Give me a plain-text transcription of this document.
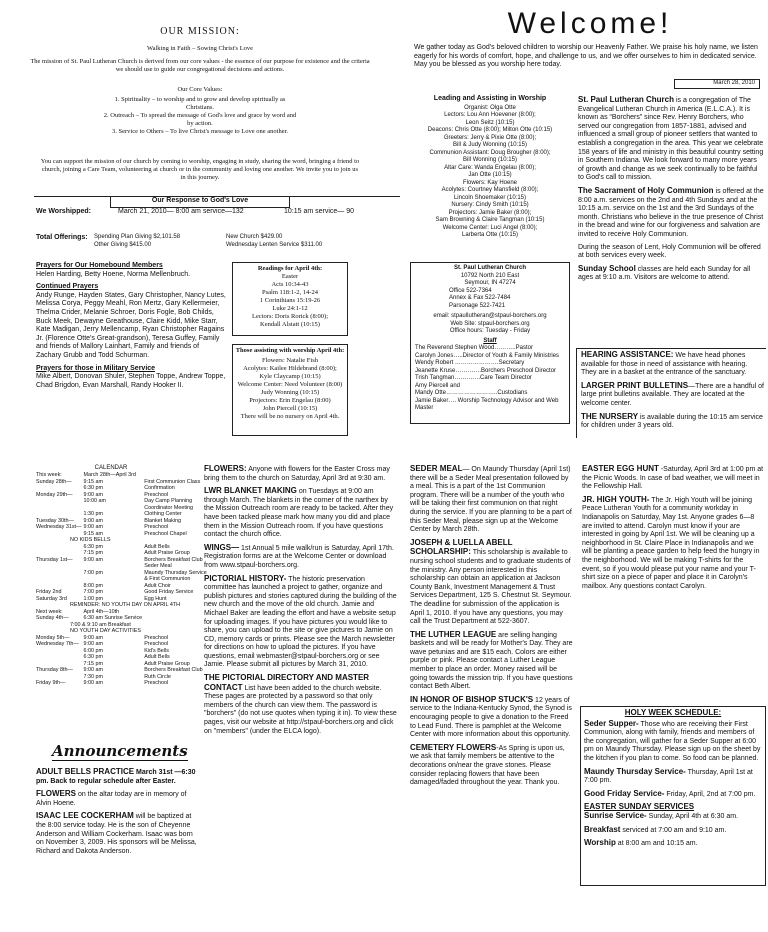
OUR MISSION:
Walking in Faith – Sowing Christ's Love
The mission of St. Paul Lutheran Church is derived from our core values - the essence of our purpose for existence and the criteria we should use to guide our congregational decisions and actions.
Our Core Values:
1. Spirituality – to worship and to grow and develop spiritually as Christians.
2. Outreach – To spread the message of God's love and grace by word and by action.
3. Service to Others – To live Christ's message to Love one another.
You can support the mission of our church by coming to worship, engaging in study, sharing the word, bringing a friend to church, joining a Care Team, volunteering at church or in the community and loving one another. We invite you to join us in this journey.
Our Response to God's Love
We Worshipped:	March 21, 2010— 8:00 am service—132	10:15 am service— 90
Total Offerings: Spending Plan Giving $2,101.58
Other Giving $415.00
New Church $429.00
Wednesday Lenten Service $311.00
Prayers for Our Homebound Members
Helen Harding, Betty Hoene, Norma Mellenbruch.
Continued Prayers
Andy Runge, Hayden States, Gary Christopher, Nancy Lutes, Melissa Corya, Peggy Meahl, Ron Mertz, Gary Kellermeier, Thelma Crider, Melanie Schroer, Doris Fogle, Bob Childs, Buck Meek, Dewayne Greathouse, Claire Kidd, Mike Starr, Kate Madigan, Jerry Mellencamp, Ryan Christopher Ragains Jr. (Florence Otte's Great-grandson), Teresa Guffey, Family and friends of Mallory Lainhart, Family and friends of Zachary Grubb and Todd Schurman.
Prayers for those in Military Service
Mike Albert, Donovan Shuler, Stephen Toppe, Andrew Toppe, Chad Brigdon, Evan Marshall, Randy Hooker II.
Readings for April 4th:
Easter
Acts 10:34-43
Psalm 118:1-2, 14-24
1 Corinthians 15:19-26
Luke 24:1-12
Lectors: Doris Rorick (8:00);
Kendall Alstatt (10:15)
Those assisting with worship April 4th:
Flowers: Natalie Fish
Acolytes: Kailee Hildebrand (8:00);
Kyle Claycamp (10:15)
Welcome Center: Need Volunteer (8:00)
Judy Wonning (10:15)
Projectors: Erin Engelau (8:00)
John Piercell (10:15)
There will be no nursery on April 4th.
Welcome!
We gather today as God's beloved children to worship our Heavenly Father. We praise his holy name, we listen eagerly for his words of comfort, hope, and challenge to us, and we offer ourselves to him in dedicated service. May you be blessed as you worship here today.
March 28, 2010
Leading and Assisting in Worship
Organist: Olga Otte
Lectors: Lou Ann Hoevener (8:00);
Leon Seitz (10:15)
Deacons: Chris Otte (8:00); Milton Otte (10:15)
Greeters: Jerry & Pixie Otte (8:00);
Bill & Judy Wonning (10:15)
Communion Assistant: Doug Brougher (8:00);
Bill Wonning (10:15)
Altar Care: Wanda Engelau (8:00);
Jan Otte (10:15)
Flowers: Kay Hoene
Acolytes: Courtney Mansfield (8:00);
Lincoln Shoemaker (10:15)
Nursery: Cindy Smith (10:15)
Projectors: Jamie Baker (8:00);
Sam Browning & Claire Tangman (10:15)
Welcome Center: Luci Angel (8:00);
Larberta Otte (10:15)
St. Paul Lutheran Church
10792 North 210 East
Seymour, IN 47274
Office 522-7364
Annex & Fax 522-7484
Parsonage 522-7421
email: stpaullutheran@stpaul-borchers.org
Web Site: stpaul-borchers.org
Office hours: Tuesday - Friday
Staff
The Reverend Stephen Wood………..Pastor
Carolyn Jones…..Director of Youth & Family Ministries
Wendy Robert ………………….Secretary
Jeanette Kruse………….Borchers Preschool Director
Trish Tangman………….Care Team Director
Amy Piercell and
Mandy Otte……………………..Custodians
Jamie Baker…. Worship Technology Advisor and Web Master
St. Paul Lutheran Church is a congregation of The Evangelical Lutheran Church in America (E.L.C.A.). It is known as “Borchers” since Rev. Henry Borchers, who served our congregation from 1857-1881, advised and influenced a small group of pioneer settlers that wanted to establish a congregation in the area. This year we celebrate 158 years of life and ministry in this beautiful country setting in Southern Indiana. We look forward to many more years of growth and change as we seek continually to be faithful to God's call to mission.
The Sacrament of Holy Communion is offered at the 8:00 a.m. services on the 2nd and 4th Sundays and at the 10:15 a.m. service on the 1st and the 3rd Sundays of the month. Christians who believe in the true presence of Christ in the bread and wine for our forgiveness and salvation are invited to receive Holy Communion.
During the season of Lent, Holy Communion will be offered at both services every week.
Sunday School classes are held each Sunday for all ages at 9:10 a.m. Visitors are welcome to attend.
HEARING ASSISTANCE: We have head phones available for those in need of assistance with hearing. They are in a basket at the entrance of the sanctuary.
LARGER PRINT BULLETINS—There are a handful of large print bulletins available. They are located at the welcome center.
THE NURSERY is available during the 10:15 am service for children under 3 years old.
CALENDAR
This week:	March 28th—April 3rd	
Sunday 28th—	9:15 am	First Communion Class
	6:30 pm	Confirmation
Monday 29th—	9:00 am	Preschool
	10:00 am	Day Camp Planning
		Coordinator Meeting
	1:30 pm	Clothing Center
Tuesday 30th—	9:00 am	Blanket Making
Wednesday 31st—	9:00 am	Preschool
	9:15 am	Preschool Chapel
NO KIDS BELLS		
	6:30 pm	Adult Bells
	7:15 pm	Adult Praise Group
Thursday 1st—	9:00 am	Borchers Breakfast Club
		Seder Meal
	7:00 pm	Maundy Thursday Service
		& First Communion
	8:00 pm	Adult Choir
Friday 2nd	7:00 pm	Good Friday Service
Saturday 3rd	1:00 pm	Egg Hunt
REMINDER: NO YOUTH DAY ON APRIL 4TH		
Next week:	April 4th—10th	
Sunday 4th—	6:30 am Sunrise Service	
7:00 & 9:10 am Breakfast		
NO YOUTH DAY ACTIVITIES		
Monday 5th—	9:00 am	Preschool
Wednesday 7th—	9:00 am	Preschool
	6:00 pm	Kid's Bells
	6:30 pm	Adult Bells
	7:15 pm	Adult Praise Group
Thursday 8th—	9:00 am	Borchers Breakfast Club
	7:30 pm	Ruth Circle
Friday 9th—	9:00 am	Preschool
Announcements
ADULT BELLS PRACTICE March 31st —6:30 pm. Back to regular schedule after Easter.
FLOWERS on the altar today are in memory of Alvin Hoene.
ISAAC LEE COCKERHAM will be baptized at the 8:00 service today. He is the son of Cheyenne Anderson and William Cockerham. Isaac was born on November 3, 2009. His sponsors will be Melissa, Richard and Dakota Anderson.
FLOWERS: Anyone with flowers for the Easter Cross may bring them to the church on Saturday, April 3rd at 9:30 am.
LWR BLANKET MAKING on Tuesdays at 9:00 am through March. The blankets in the corner of the narthex by the Mission Outreach room are ready to be tacked. After they have been tacked please mark how many you did and place them in the Mission Outreach room. If you have questions contact the church office.
WINGS— 1st Annual 5 mile walk/run is Saturday, April 17th. Registration forms are at the Welcome Center or download from www.stpaul-borchers.org.
PICTORIAL HISTORY- The historic preservation committee has launched a project to gather, organize and publish pictures and stories captured during the building of the new church and the move of the old church. Jamie and Michael Baker are leading the effort and have a website setup for uploading images. If you have pictures you would like to share, you can upload to the site or give pictures to Jamie on CD, memory cards or prints. Please see the March newsletter for directions on how to upload the pictures. If you have questions, email webmaster@stpaul-borchers.org or see Jamie. Please submit all pictures by March 31, 2010.
THE PICTORIAL DIRECTORY AND MASTER CONTACT List have been added to the church website. These pages are protected by a password so that only members of the church can view them. The password is "borchers" (do not use quotes when typing it in). To view these pages, visit our website at http://stpaul-borchers.org and click on "members" (under the ELCA logo).
SEDER MEAL— On Maundy Thursday (April 1st) there will be a Seder Meal presentation followed by a meal. This is a part of the 1st Communion program. There will be a number of the youth who will be taking their first communion on that night during the service. If you are planning to be a part of this Seder Meal, please sign up at the Welcome Center by March 28th.
JOSEPH & LUELLA ABELL SCHOLARSHIP: This scholarship is available to nursing school students and to graduate students of the ministry. Any person interested in this scholarship can obtain an application at Jackson County Bank, Investment Management & Trust Services Department, 125 S. Chestnut St. Seymour. The deadline for submission of the application is April 1, 2010. If you have any questions, you may call the Trust Department at 522-3607.
THE LUTHER LEAGUE are selling hanging baskets and will be ready for Mother's Day. They are wave petunias and are $15 each. Colors are either purple or pink. Please contact a Luther League member to place an order. Money raised will be going towards the mission trip. If you have questions contact Beth Albert.
IN HONOR OF BISHOP STUCK'S 12 years of service to the Indiana-Kentucky Synod, the Synod is encouraging people to give a donation to the Freed to Lead Fund. There is pamphlet at the Welcome Center with more information about this opportunity.
CEMETERY FLOWERS-As Spring is upon us, we ask that family members be attentive to the decorations on/near the grave stones. Please consider replacing flowers that have been damaged/faded throughout the year. Thank you.
EASTER EGG HUNT -Saturday, April 3rd at 1:00 pm at the Picnic Woods. In case of bad weather, we will meet in the Fellowship Hall.
JR. HIGH YOUTH- The Jr. High Youth will be joining Peace Lutheran Youth for a community workday in Indianapolis on Saturday, May 1st. Anyone grades 6—8 are invited to attend. Carolyn must know if your are interested in going by April 1st. We will be cleaning up a neighborhood in St. Claire Place in Indianapolis and we will be planting a peace garden to help feed the hungry in the neighborhood. We will be making T-shirts for the event, so if you would please put your name and your T-shirt size on a piece of paper and place it in Carolyn's mailbox. Any questions contact Carolyn.
HOLY WEEK SCHEDULE:
Seder Supper- Those who are receiving their First Communion, along with family, friends and members of the congregation, will gather for a Seder Supper at 6:00 pm on Maundy Thursday. Please sign up on the sheet by the kitchen if you plan to come. So food can be planned.
Maundy Thursday Service- Thursday, April 1st at 7:00 pm.
Good Friday Service- Friday, April, 2nd at 7:00 pm.
EASTER SUNDAY SERVICES
Sunrise Service- Sunday, April 4th at 6:30 am.
Breakfast serviced at 7:00 am and 9:10 am.
Worship at 8:00 am and 10:15 am.
